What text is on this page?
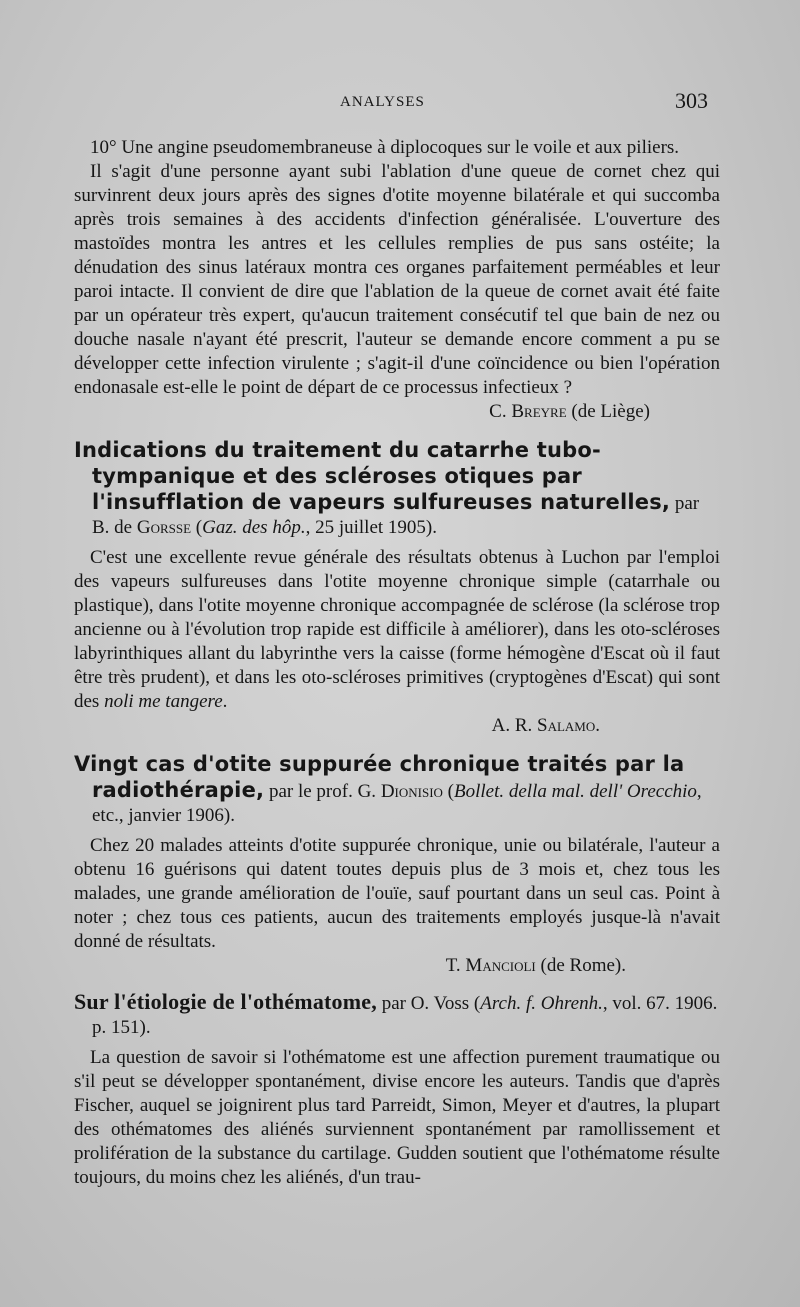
ANALYSES	303

10° Une angine pseudomembraneuse à diplocoques sur le voile et aux piliers.

Il s'agit d'une personne ayant subi l'ablation d'une queue de cornet chez qui survinrent deux jours après des signes d'otite moyenne bilatérale et qui succomba après trois semaines à des accidents d'infection généralisée. L'ouverture des mastoïdes montra les antres et les cellules remplies de pus sans ostéite; la dénudation des sinus latéraux montra ces organes parfaitement perméables et leur paroi intacte. Il convient de dire que l'ablation de la queue de cornet avait été faite par un opérateur très expert, qu'aucun traitement consécutif tel que bain de nez ou douche nasale n'ayant été prescrit, l'auteur se demande encore comment a pu se développer cette infection virulente ; s'agit-il d'une coïncidence ou bien l'opération endonasale est-elle le point de départ de ce processus infectieux ?

C. Breyre (de Liège)
Indications du traitement du catarrhe tubo-tympanique et des scléroses otiques par l'insufflation de vapeurs sulfureuses naturelles, par B. de Gorsse (Gaz. des hôp., 25 juillet 1905).

C'est une excellente revue générale des résultats obtenus à Luchon par l'emploi des vapeurs sulfureuses dans l'otite moyenne chronique simple (catarrhale ou plastique), dans l'otite moyenne chronique accompagnée de sclérose (la sclérose trop ancienne ou à l'évolution trop rapide est difficile à améliorer), dans les oto-scléroses labyrinthiques allant du labyrinthe vers la caisse (forme hémogène d'Escat où il faut être très prudent), et dans les oto-scléroses primitives (cryptogènes d'Escat) qui sont des noli me tangere.

A. R. Salamo.
Vingt cas d'otite suppurée chronique traités par la radiothérapie, par le prof. G. Dionisio (Bollet. della mal. dell' Orecchio, etc., janvier 1906).

Chez 20 malades atteints d'otite suppurée chronique, unie ou bilatérale, l'auteur a obtenu 16 guérisons qui datent toutes depuis plus de 3 mois et, chez tous les malades, une grande amélioration de l'ouïe, sauf pourtant dans un seul cas. Point à noter ; chez tous ces patients, aucun des traitements employés jusque-là n'avait donné de résultats.

T. Mancioli (de Rome).
Sur l'étiologie de l'othématome, par O. Voss (Arch. f. Ohrenh., vol. 67. 1906. p. 151).

La question de savoir si l'othématome est une affection purement traumatique ou s'il peut se développer spontanément, divise encore les auteurs. Tandis que d'après Fischer, auquel se joignirent plus tard Parreidt, Simon, Meyer et d'autres, la plupart des othématomes des aliénés surviennent spontanément par ramollissement et prolifération de la substance du cartilage. Gudden soutient que l'othématome résulte toujours, du moins chez les aliénés, d'un trau-
